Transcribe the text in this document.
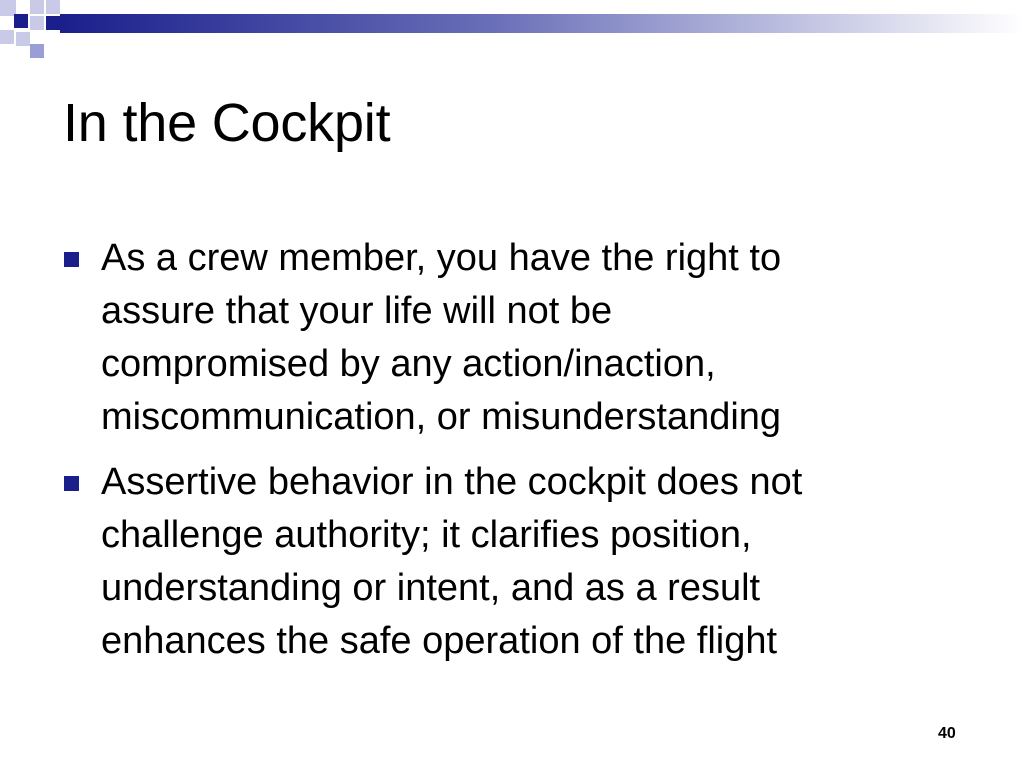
In the Cockpit
As a crew member, you have the right to
assure that your life will not be
compromised by any action/inaction,
miscommunication, or misunderstanding
Assertive behavior in the cockpit does not
challenge authority; it clarifies position,
understanding or intent, and as a result
enhances the safe operation of the flight
40
